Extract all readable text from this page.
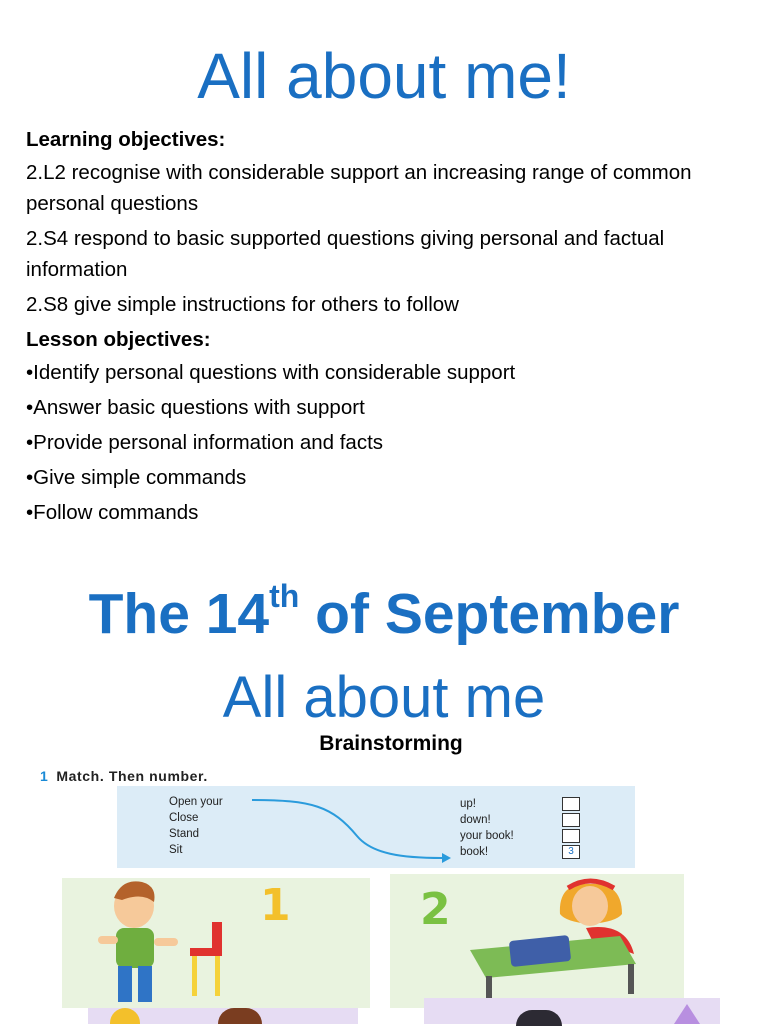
All about me!

Learning objectives:

2.L2 recognise with considerable support an increasing range of common personal questions

2.S4 respond to basic supported questions giving personal and factual information

2.S8 give simple instructions for others to follow

Lesson objectives:

•Identify personal questions with considerable support

•Answer basic questions with support

•Provide personal information and facts

•Give simple commands

•Follow commands

The 14th of September
All about me
Brainstorming
1 Match. Then number.
Open your
Close
Stand
Sit
up!
down!
your book!
book!	3
1	2
